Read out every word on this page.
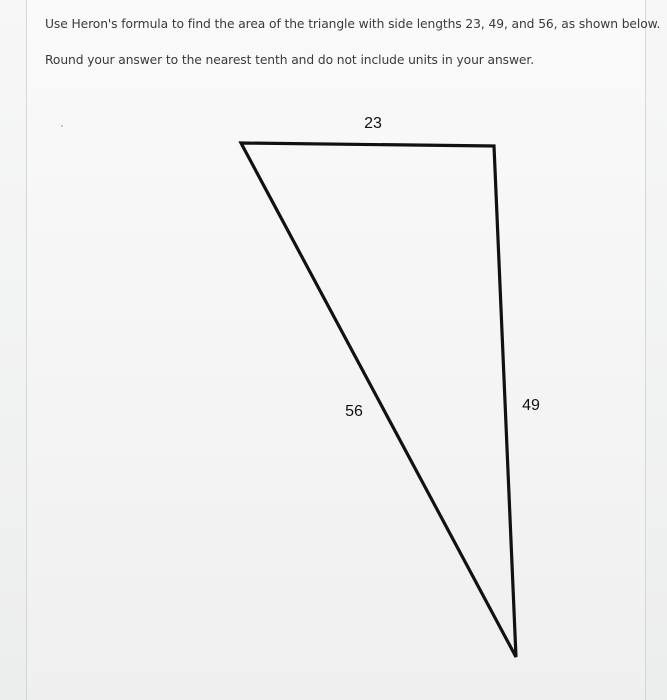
Use Heron's formula to find the area of the triangle with side lengths 23, 49, and 56, as shown below.

Round your answer to the nearest tenth and do not include units in your answer.

23
56	49
